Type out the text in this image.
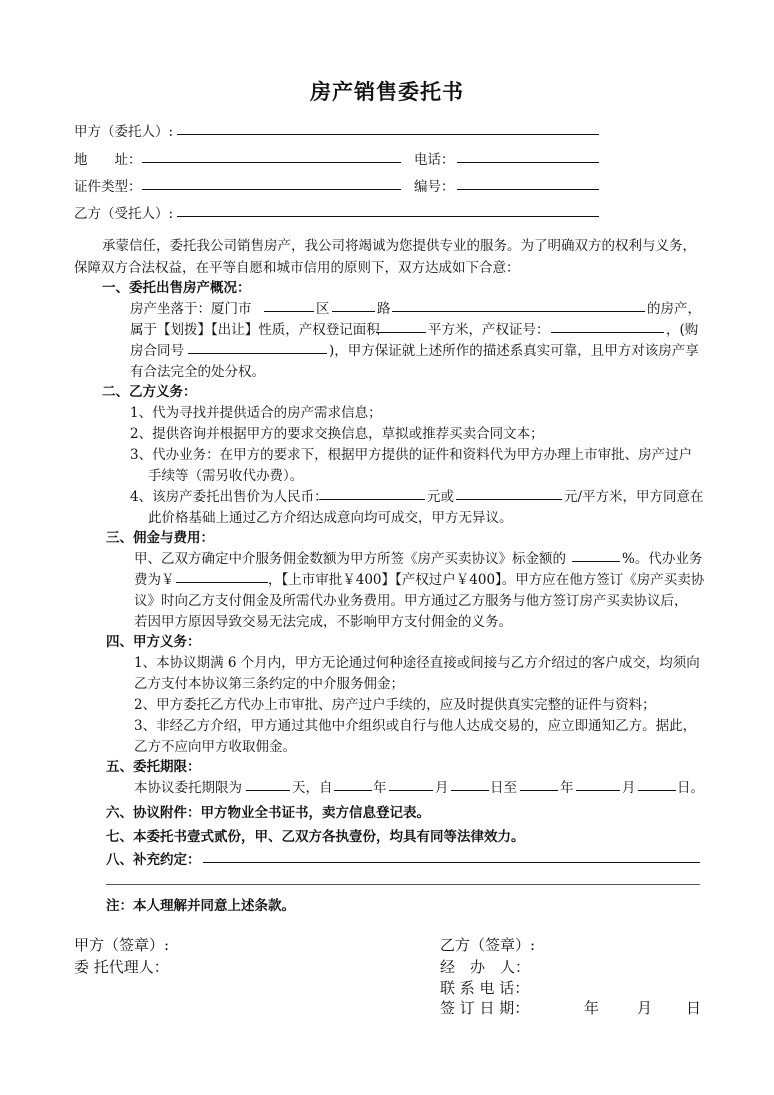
房产销售委托书
甲方（委托人）:
地　　址：	电话：
证件类型：	编号：
乙方（受托人）:
承蒙信任，委托我公司销售房产，我公司将竭诚为您提供专业的服务。为了明确双方的权利与义务，
保障双方合法权益，在平等自愿和城市信用的原则下，双方达成如下合意：
一、委托出售房产概况：
房产坐落于：厦门市	区	路	的房产，
属于【划拨】【出让】性质，产权登记面积	平方米，产权证号：	，(购
房合同号	)，甲方保证就上述所作的描述系真实可靠，且甲方对该房产享
有合法完全的处分权。
二、乙方义务：
1、代为寻找并提供适合的房产需求信息；
2、提供咨询并根据甲方的要求交换信息，草拟或推荐买卖合同文本；
3、代办业务：在甲方的要求下，根据甲方提供的证件和资料代为甲方办理上市审批、房产过户
手续等（需另收代办费）。
4、该房产委托出售价为人民币：	元或	元/平方米，甲方同意在
此价格基础上通过乙方介绍达成意向均可成交，甲方无异议。
三、佣金与费用：
甲、乙双方确定中介服务佣金数额为甲方所签《房产买卖协议》标金额的	%。代办业务
费为￥	，【上市审批￥400】【产权过户￥400】。甲方应在他方签订《房产买卖协
议》时向乙方支付佣金及所需代办业务费用。甲方通过乙方服务与他方签订房产买卖协议后，
若因甲方原因导致交易无法完成，不影响甲方支付佣金的义务。
四、甲方义务：
1、本协议期满 6 个月内，甲方无论通过何种途径直接或间接与乙方介绍过的客户成交，均须向
乙方支付本协议第三条约定的中介服务佣金；
2、甲方委托乙方代办上市审批、房产过户手续的，应及时提供真实完整的证件与资料；
3、非经乙方介绍，甲方通过其他中介组织或自行与他人达成交易的，应立即通知乙方。据此，
乙方不应向甲方收取佣金。
五、委托期限：
本协议委托期限为	天，自	年	月	日至	年	月	日。
六、协议附件：甲方物业全书证书，卖方信息登记表。
七、本委托书壹式贰份，甲、乙双方各执壹份，均具有同等法律效力。
八、补充约定：
注：本人理解并同意上述条款。
甲方（签章）:
委 托代理人：
乙方（签章）:
经　办　人：
联 系 电 话：
签 订 日 期：	年	月 日
